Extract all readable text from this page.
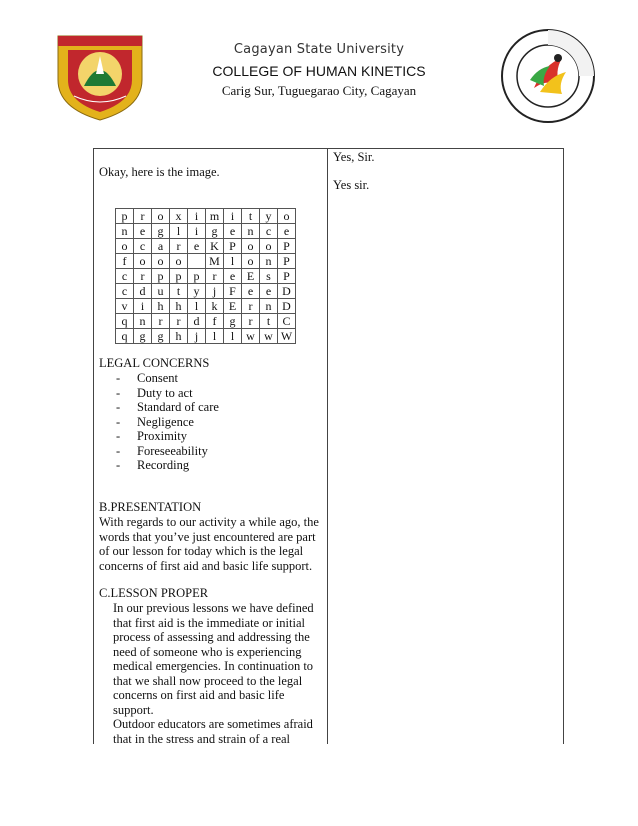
Cagayan State University
COLLEGE OF HUMAN KINETICS
Carig Sur, Tuguegarao City, Cagayan
Okay, here is the image.
p	r	o	x	i	m	i	t	y	o
n	e	g	l	i	g	e	n	c	e
o	c	a	r	e	K	P	o	o	P
f	o	o	o		M	l	o	n	P
c	r	p	p	p	r	e	E	s	P
c	d	u	t	y	j	F	e	e	D
v	i	h	h	l	k	E	r	n	D
q	n	r	r	d	f	g	r	t	C
q	g	g	h	j	l	l	w	w	W
LEGAL CONCERNS
- Consent
- Duty to act
- Standard of care
- Negligence
- Proximity
- Foreseeability
- Recording
B.PRESENTATION
With regards to our activity a while ago, the
words that you’ve just encountered are part
of our lesson for today which is the legal
concerns of first aid and basic life support.
C.LESSON PROPER
In our previous lessons we have defined
that first aid is the immediate or initial
process of assessing and addressing the
need of someone who is experiencing
medical emergencies. In continuation to
that we shall now proceed to the legal
concerns on first aid and basic life
support.
Outdoor educators are sometimes afraid
that in the stress and strain of a real

Yes, Sir.

Yes sir.
